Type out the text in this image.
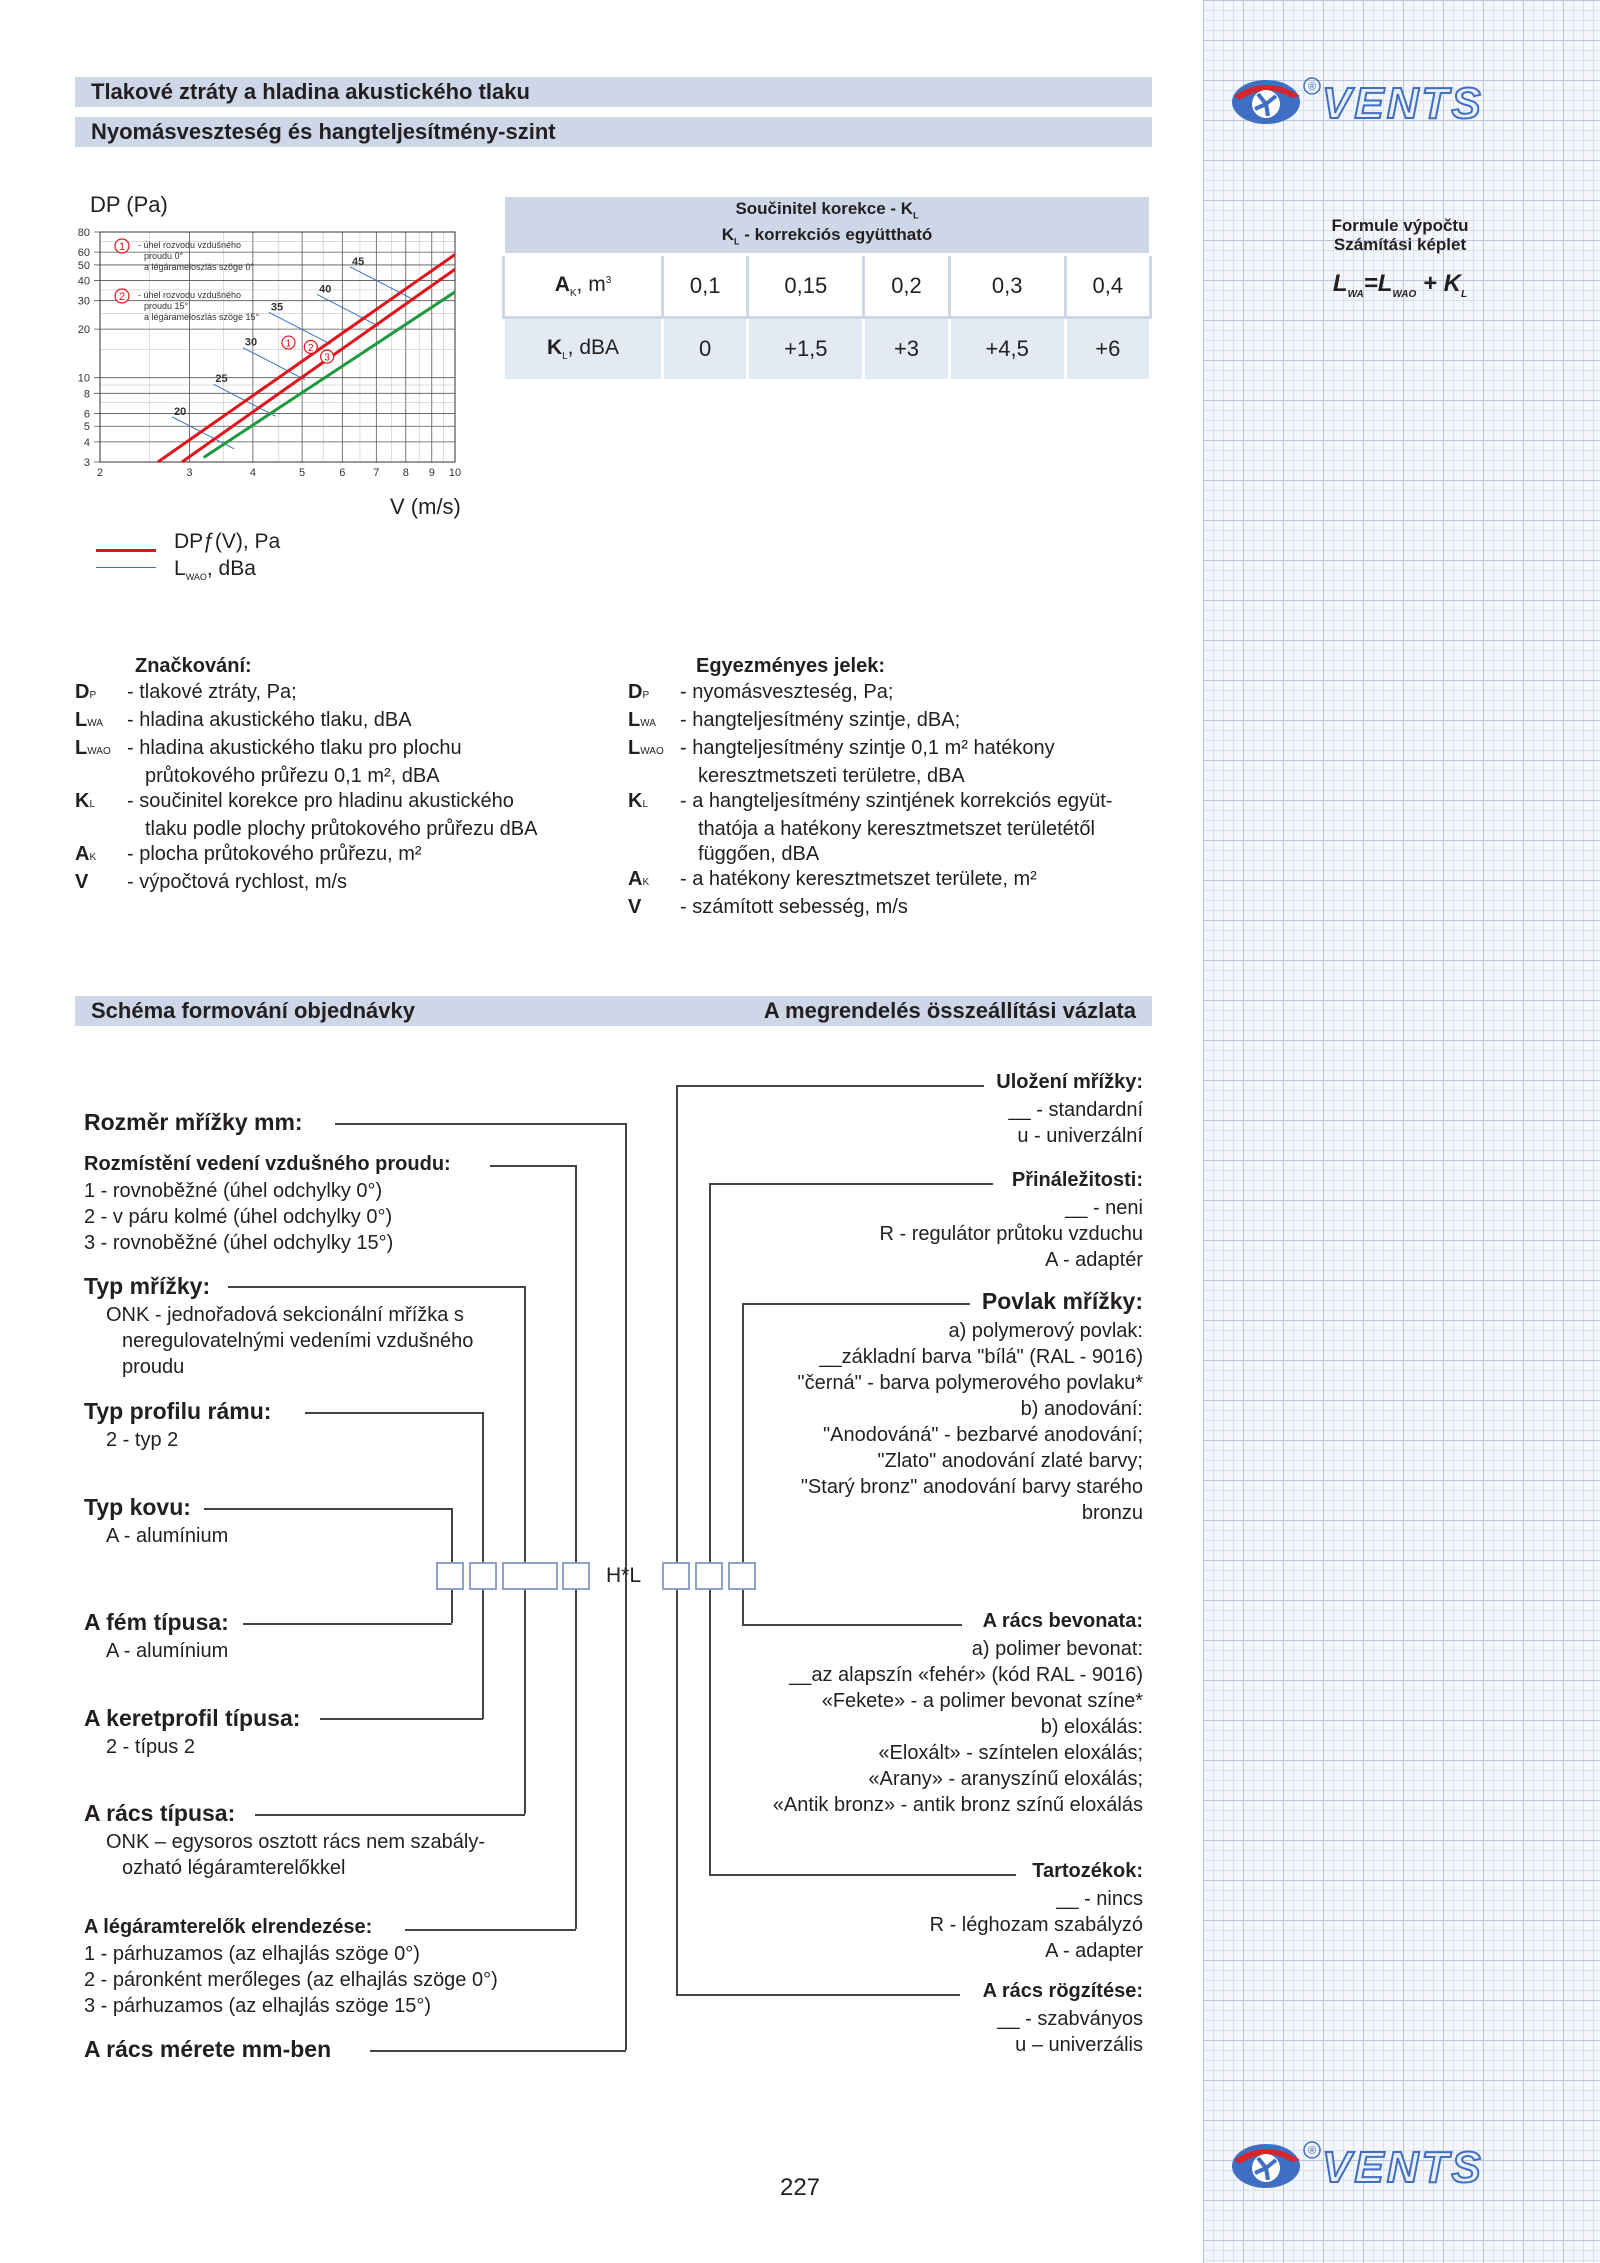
® VENTS
® VENTS
Formule výpočtu
Számítási képlet
$L_{WA}=L_{WAO} + K_L$
Tlakové ztráty a hladina akustického tlaku
Nyomásveszteség és hangteljesítmény-szint
DP (Pa)
2	3	4	5	6	7 8 9 10
80
60
50
40
30
20
10
8
6
5
4
3
20
25
30
35
40
45
1 2
3
1 - úhel rozvodu vzdušného
proudu 0°
a légárameloszlás szöge 0°
2 - úhel rozvodu vzdušného
proudu 15°
a légárameloszlás szöge 15°
V (m/s)
DPƒ(V), Pa
$L_{WAO}$, dBa
Součinitel korekce - $K_L$
$K_L$ - korrekciós együttható					

$A_K$, $m^3$	0,1	0,15	0,2	0,3	0,4
$K_L$, dBA	0	+1,5	+3	+4,5	+6
Značkování:
DP - tlakové ztráty, Pa;
LWA - hladina akustického tlaku, dBA
LWAO - hladina akustického tlaku pro plochu
průtokového průřezu 0,1 m², dBA
KL - součinitel korekce pro hladinu akustického
tlaku podle plochy průtokového průřezu dBA
AK - plocha průtokového průřezu, m²
V - výpočtová rychlost, m/s
Egyezményes jelek:
DP - nyomásveszteség, Pa;
LWA - hangteljesítmény szintje, dBA;
LWAO - hangteljesítmény szintje 0,1 m² hatékony
keresztmetszeti területre, dBA
KL - a hangteljesítmény szintjének korrekciós együt-
thatója a hatékony keresztmetszet területétől
függően, dBA
AK - a hatékony keresztmetszet területe, m²
V - számított sebesség, m/s
Schéma formování objednávky	A megrendelés összeállítási vázlata
Rozměr mřížky mm:
Rozmístění vedení vzdušného proudu:
1 - rovnoběžné (úhel odchylky 0°)
2 - v páru kolmé (úhel odchylky 0°)
3 - rovnoběžné (úhel odchylky 15°)
Typ mřížky:
ONK - jednořadová sekcionální mřížka s
neregulovatelnými vedeními vzdušného
proudu
Typ profilu rámu:
2 - typ 2
Typ kovu:
A - alumínium
A fém típusa:
A - alumínium
A keretprofil típusa:
2 - típus 2
A rács típusa:
ONK – egysoros osztott rács nem szabály-
ozható légáramterelőkkel
A légáramterelők elrendezése:
1 - párhuzamos (az elhajlás szöge 0°)
2 - páronként merőleges (az elhajlás szöge 0°)
3 - párhuzamos (az elhajlás szöge 15°)
A rács mérete mm-ben
Uložení mřížky:
__ - standardní
u - univerzální
Přináležitosti:
__ - neni
R - regulátor průtoku vzduchu
A - adaptér
Povlak mřížky:
a) polymerový povlak:
__základní barva "bílá" (RAL - 9016)
"černá" - barva polymerového povlaku*
b) anodování:
"Anodováná" - bezbarvé anodování;
"Zlato" anodování zlaté barvy;
"Starý bronz" anodování barvy starého
bronzu
A rács bevonata:
a) polimer bevonat:
__az alapszín «fehér» (kód RAL - 9016)
«Fekete» - a polimer bevonat színe*
b) eloxálás:
«Eloxált» - színtelen eloxálás;
«Arany» - aranyszínű eloxálás;
«Antik bronz» - antik bronz színű eloxálás
Tartozékok:
__ - nincs
R - léghozam szabályzó
A - adapter
A rács rögzítése:
__ - szabványos
u – univerzális
H*L
227
